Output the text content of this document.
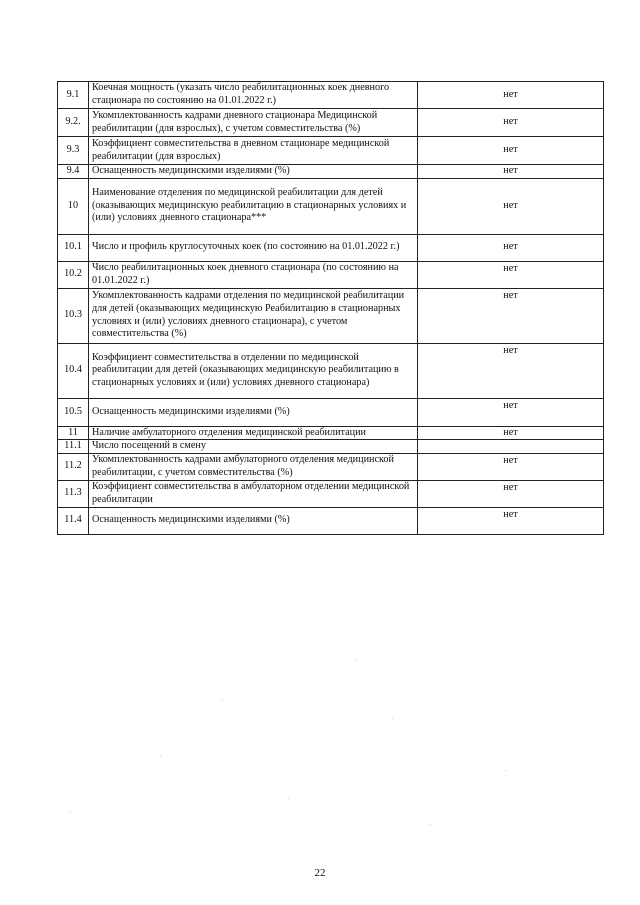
9.1	Коечная мощность (указать число реабилитационных коек дневного стационара по состоянию на 01.01.2022 г.)	нет
9.2.	Укомплектованность кадрами дневного стационара Медицинской реабилитации (для взрослых), с учетом совместительства (%)	нет
9.3	Коэффициент совместительства в дневном стационаре медицинской реабилитации (для взрослых)	нет
9.4	Оснащенность медицинскими изделиями (%)	нет
10	Наименование отделения по медицинской реабилитации для детей (оказывающих медицинскую реабилитацию в стационарных условиях и (или) условиях дневного стационара***	нет
10.1	Число и профиль круглосуточных коек (по состоянию на 01.01.2022 г.)	нет
10.2	Число реабилитационных коек дневного стационара (по состоянию на 01.01.2022 г.)	нет
10.3	Укомплектованность кадрами отделения по медицинской реабилитации для детей (оказывающих медицинскую Реабилитацию в стационарных условиях и (или) условиях дневного стационара), с учетом совместительства (%)	нет
10.4	Коэффициент совместительства в отделении по медицинской реабилитации для детей (оказывающих медицинскую реабилитацию в стационарных условиях и (или) условиях дневного стационара)	нет
10.5	Оснащенность медицинскими изделиями (%)	нет
11	Наличие амбулаторного отделения медицинской реабилитации	нет
11.1	Число посещений в смену	
11.2	Укомплектованность кадрами амбулаторного отделения медицинской реабилитации, с учетом совместительства (%)	нет
11.3	Коэффициент совместительства в амбулаторном отделении медицинской реабилитации	нет
11.4	Оснащенность медицинскими изделиями (%)	нет
22
